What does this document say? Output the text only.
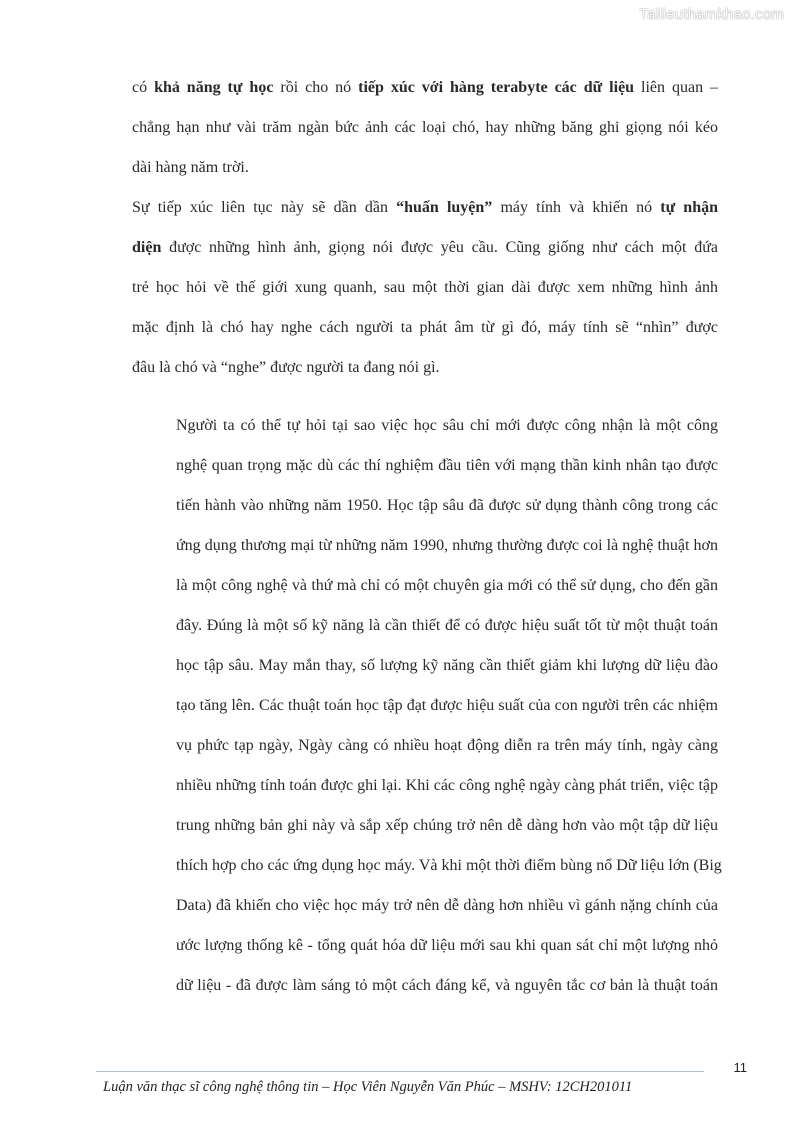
Tailieuthamkhao.com

có khả năng tự học rồi cho nó tiếp xúc với hàng terabyte các dữ liệu liên quan –
chẳng hạn như vài trăm ngàn bức ảnh các loại chó, hay những băng ghi giọng nói kéo
dài hàng năm trời.
Sự tiếp xúc liên tục này sẽ dần dần “huấn luyện” máy tính và khiến nó tự nhận
diện được những hình ảnh, giọng nói được yêu cầu. Cũng giống như cách một đứa
trẻ học hỏi về thế giới xung quanh, sau một thời gian dài được xem những hình ảnh
mặc định là chó hay nghe cách người ta phát âm từ gì đó, máy tính sẽ “nhìn” được
đâu là chó và “nghe” được người ta đang nói gì.

Người ta có thể tự hỏi tại sao việc học sâu chỉ mới được công nhận là một công
nghệ quan trọng mặc dù các thí nghiệm đầu tiên với mạng thần kinh nhân tạo được
tiến hành vào những năm 1950. Học tập sâu đã được sử dụng thành công trong các
ứng dụng thương mại từ những năm 1990, nhưng thường được coi là nghệ thuật hơn
là một công nghệ và thứ mà chỉ có một chuyên gia mới có thể sử dụng, cho đến gần
đây. Đúng là một số kỹ năng là cần thiết để có được hiệu suất tốt từ một thuật toán
học tập sâu. May mắn thay, số lượng kỹ năng cần thiết giảm khi lượng dữ liệu đào
tạo tăng lên. Các thuật toán học tập đạt được hiệu suất của con người trên các nhiệm
vụ phức tạp ngày, Ngày càng có nhiều hoạt động diễn ra trên máy tính, ngày càng
nhiều những tính toán được ghi lại. Khi các công nghệ ngày càng phát triển, việc tập
trung những bản ghi này và sắp xếp chúng trở nên dễ dàng hơn vào một tập dữ liệu
thích hợp cho các ứng dụng học máy. Và khi một thời điểm bùng nổ Dữ liệu lớn (Big
Data) đã khiến cho việc học máy trở nên dễ dàng hơn nhiều vì gánh nặng chính của
ước lượng thống kê - tổng quát hóa dữ liệu mới sau khi quan sát chỉ một lượng nhỏ
dữ liệu - đã được làm sáng tỏ một cách đáng kể, và nguyên tắc cơ bản là thuật toán

11
Luận văn thạc sĩ công nghệ thông tin – Học Viên Nguyễn Văn Phúc – MSHV: 12CH201011
